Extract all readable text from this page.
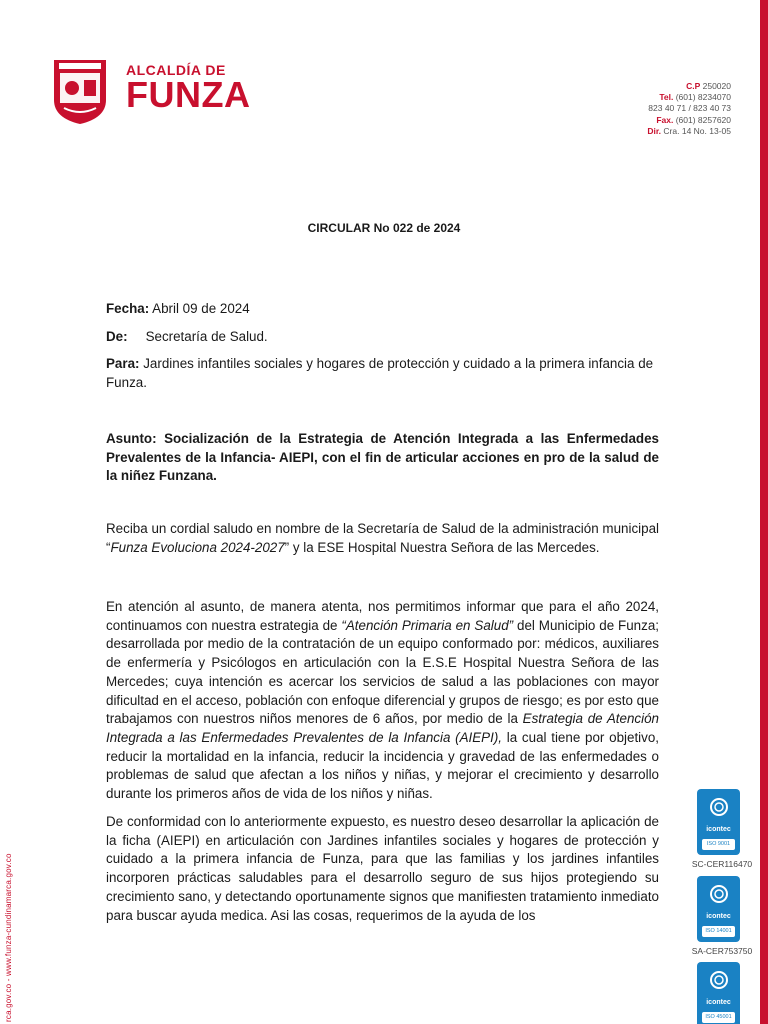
ALCALDÍA DE
FUNZA	C.P 250020
Tel. (601) 8234070
823 40 71 / 823 40 73
Fax. (601) 8257620
Dir. Cra. 14 No. 13-05
CIRCULAR No 022 de 2024
Fecha: Abril 09 de 2024
De: Secretaría de Salud.
Para: Jardines infantiles sociales y hogares de protección y cuidado a la primera infancia de Funza.
Asunto: Socialización de la Estrategia de Atención Integrada a las Enfermedades Prevalentes de la Infancia- AIEPI, con el fin de articular acciones en pro de la salud de la niñez Funzana.
Reciba un cordial saludo en nombre de la Secretaría de Salud de la administración municipal “Funza Evoluciona 2024-2027” y la ESE Hospital Nuestra Señora de las Mercedes.
En atención al asunto, de manera atenta, nos permitimos informar que para el año 2024, continuamos con nuestra estrategia de “Atención Primaria en Salud” del Municipio de Funza; desarrollada por medio de la contratación de un equipo conformado por: médicos, auxiliares de enfermería y Psicólogos en articulación con la E.S.E Hospital Nuestra Señora de las Mercedes; cuya intención es acercar los servicios de salud a las poblaciones con mayor dificultad en el acceso, población con enfoque diferencial y grupos de riesgo; es por esto que trabajamos con nuestros niños menores de 6 años, por medio de la Estrategia de Atención Integrada a las Enfermedades Prevalentes de la Infancia (AIEPI), la cual tiene por objetivo, reducir la mortalidad en la infancia, reducir la incidencia y gravedad de las enfermedades o problemas de salud que afectan a los niños y niñas, y mejorar el crecimiento y desarrollo durante los primeros años de vida de los niños y niñas.
De conformidad con lo anteriormente expuesto, es nuestro deseo desarrollar la aplicación de la ficha (AIEPI) en articulación con Jardines infantiles sociales y hogares de protección y cuidado a la primera infancia de Funza, para que las familias y los jardines infantiles incorporen prácticas saludables para el desarrollo seguro de sus hijos protegiendo su crecimiento sano, y detectando oportunamente signos que manifiesten tratamiento inmediato para buscar ayuda medica. Asi las cosas, requerimos de la ayuda de los
rca.gov.co - www.funza-cundinamarca.gov.co
icontec
ISO 9001
SC-CER116470
icontec
ISO 14001
SA-CER753750
icontec
ISO 45001
